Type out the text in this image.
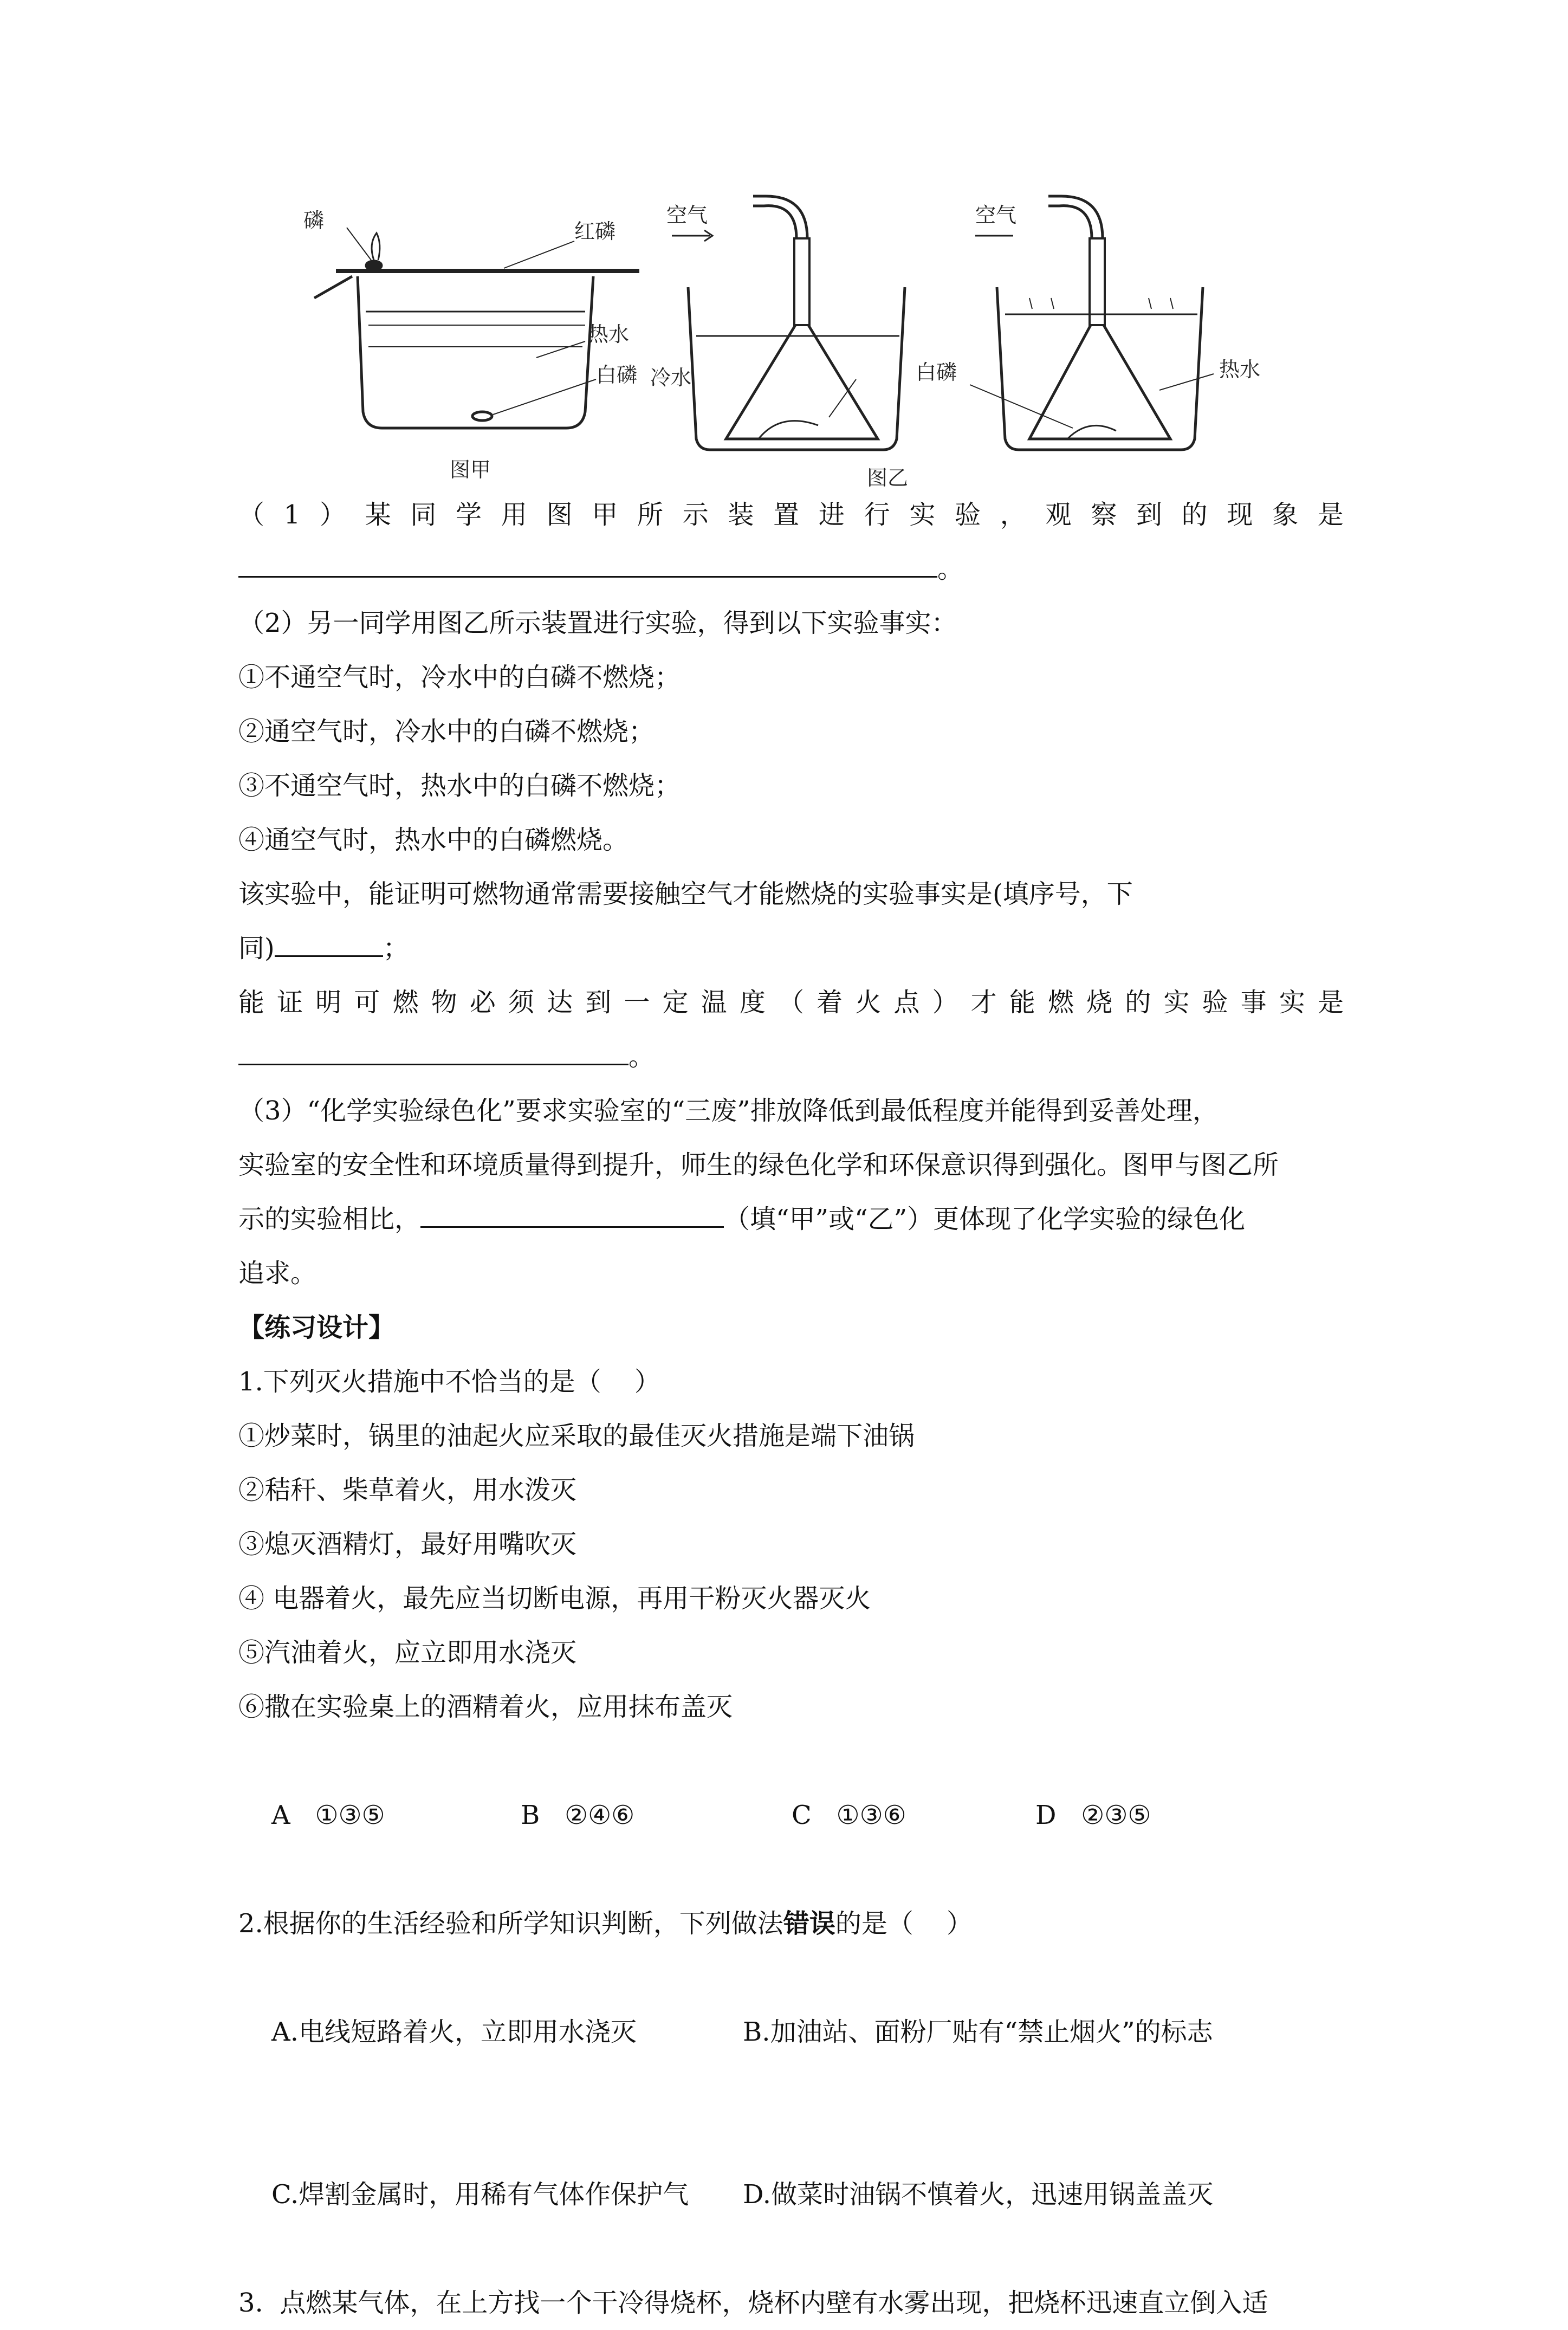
磷	红磷
热水
白磷
图甲
空气
冷水	白磷
空气
热水
图乙
（ 1 ） 某 同 学 用 图 甲 所 示 装 置 进 行 实 验 ， 观 察 到 的 现 象 是
。
（2）另一同学用图乙所示装置进行实验，得到以下实验事实：
①不通空气时，冷水中的白磷不燃烧；
②通空气时，冷水中的白磷不燃烧；
③不通空气时，热水中的白磷不燃烧；
④通空气时，热水中的白磷燃烧。
该实验中，能证明可燃物通常需要接触空气才能燃烧的实验事实是(填序号，下
同)	；
能 证 明 可 燃 物 必 须 达 到 一 定 温 度 （ 着 火 点 ） 才 能 燃 烧 的 实 验 事 实 是
。
（3）“化学实验绿色化”要求实验室的“三废”排放降低到最低程度并能得到妥善处理，
实验室的安全性和环境质量得到提升，师生的绿色化学和环保意识得到强化。图甲与图乙所
示的实验相比，	（填“甲”或“乙”）更体现了化学实验的绿色化
追求。
【练习设计】
1.下列灭火措施中不恰当的是（    ）
①炒菜时，锅里的油起火应采取的最佳灭火措施是端下油锅
②秸秆、柴草着火，用水泼灭
③熄灭酒精灯，最好用嘴吹灭
④ 电器着火，最先应当切断电源，再用干粉灭火器灭火
⑤汽油着火，应立即用水浇灭
⑥撒在实验桌上的酒精着火，应用抹布盖灭

A   ①③⑤	B   ②④⑥	C   ①③⑥	D   ②③⑤

2.根据你的生活经验和所学知识判断，下列做法错误的是（    ）

A.电线短路着火，立即用水浇灭	B.加油站、面粉厂贴有“禁止烟火”的标志

C.焊割金属时，用稀有气体作保护气 D.做菜时油锅不慎着火，迅速用锅盖盖灭

3.  点燃某气体，在上方找一个干冷得烧杯，烧杯内壁有水雾出现，把烧杯迅速直立倒入适
